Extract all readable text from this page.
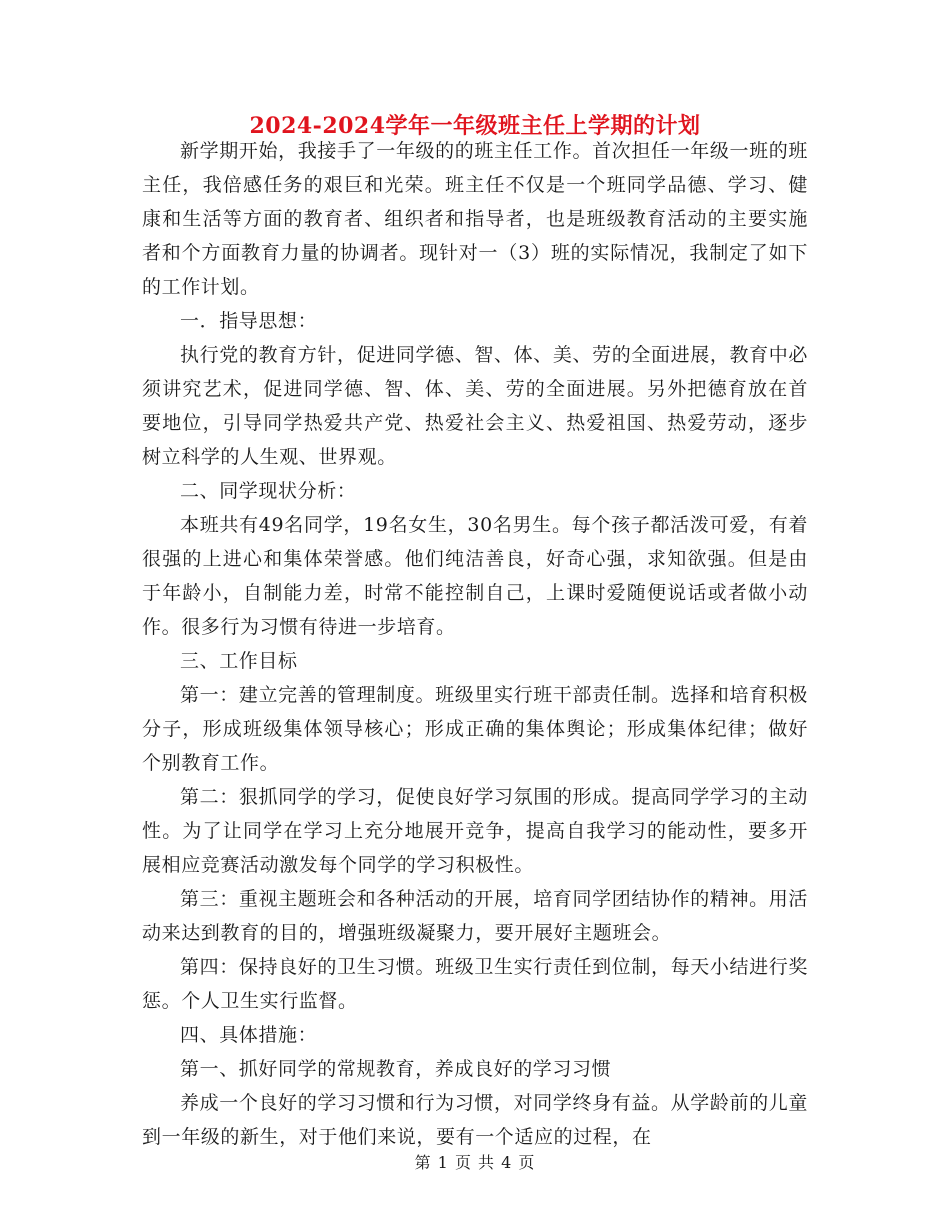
2024-2024学年一年级班主任上学期的计划

新学期开始，我接手了一年级的的班主任工作。首次担任一年级一班的班主任，我倍感任务的艰巨和光荣。班主任不仅是一个班同学品德、学习、健康和生活等方面的教育者、组织者和指导者，也是班级教育活动的主要实施者和个方面教育力量的协调者。现针对一（3）班的实际情况，我制定了如下的工作计划。

一．指导思想：

执行党的教育方针，促进同学德、智、体、美、劳的全面进展，教育中必须讲究艺术，促进同学德、智、体、美、劳的全面进展。另外把德育放在首要地位，引导同学热爱共产党、热爱社会主义、热爱祖国、热爱劳动，逐步树立科学的人生观、世界观。

二、同学现状分析：

本班共有49名同学，19名女生，30名男生。每个孩子都活泼可爱，有着很强的上进心和集体荣誉感。他们纯洁善良，好奇心强，求知欲强。但是由于年龄小，自制能力差，时常不能控制自己，上课时爱随便说话或者做小动作。很多行为习惯有待进一步培育。

三、工作目标

第一：建立完善的管理制度。班级里实行班干部责任制。选择和培育积极分子，形成班级集体领导核心；形成正确的集体舆论；形成集体纪律；做好个别教育工作。

第二：狠抓同学的学习，促使良好学习氛围的形成。提高同学学习的主动性。为了让同学在学习上充分地展开竞争，提高自我学习的能动性，要多开展相应竞赛活动激发每个同学的学习积极性。

第三：重视主题班会和各种活动的开展，培育同学团结协作的精神。用活动来达到教育的目的，增强班级凝聚力，要开展好主题班会。

第四：保持良好的卫生习惯。班级卫生实行责任到位制，每天小结进行奖惩。个人卫生实行监督。

四、具体措施：

第一、抓好同学的常规教育，养成良好的学习习惯

养成一个良好的学习习惯和行为习惯，对同学终身有益。从学龄前的儿童到一年级的新生，对于他们来说，要有一个适应的过程，在

第 1 页 共 4 页
